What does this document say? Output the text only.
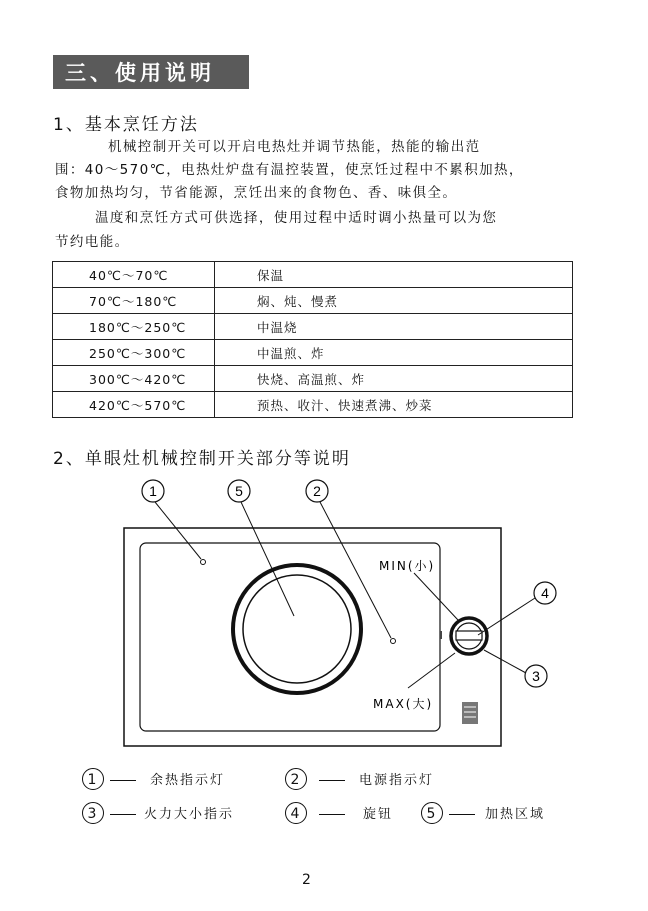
三、使用说明
1、基本烹饪方法
机械控制开关可以开启电热灶并调节热能，热能的输出范
围：40～570℃，电热灶炉盘有温控装置，使烹饪过程中不累积加热，
食物加热均匀，节省能源，烹饪出来的食物色、香、味俱全。
温度和烹饪方式可供选择，使用过程中适时调小热量可以为您
节约电能。
40℃～70℃	保温
70℃～180℃	焖、炖、慢煮
180℃～250℃	中温烧
250℃～300℃	中温煎、炸
300℃～420℃	快烧、高温煎、炸
420℃～570℃	预热、收汁、快速煮沸、炒菜
2、单眼灶机械控制开关部分等说明
1	5	2
4
3
MIN(小)
MAX(大)
1	余热指示灯	2	电源指示灯
3	火力大小指示	4	旋钮	5	加热区域
2
